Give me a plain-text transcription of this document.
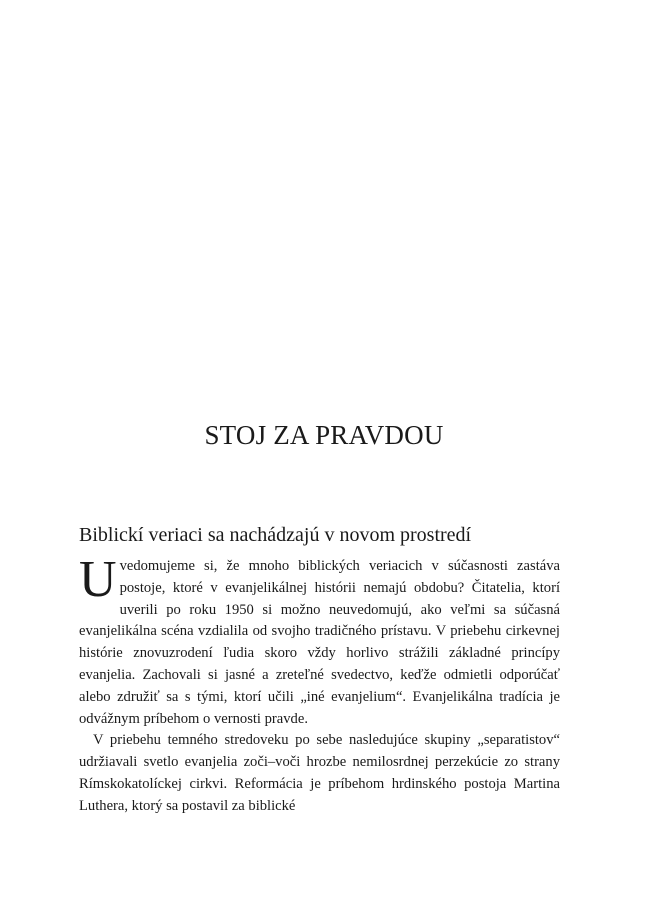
STOJ ZA PRAVDOU
Biblickí veriaci sa nachádzajú v novom prostredí

Uvedomujeme si, že mnoho biblických veriacich v súčasnosti zastáva postoje, ktoré v evanjelikálnej histórii nemajú obdobu? Čitatelia, ktorí uverili po roku 1950 si možno neuvedomujú, ako veľmi sa súčasná evanjelikálna scéna vzdialila od svojho tradičného prístavu. V priebehu cirkevnej histórie znovuzrodení ľudia skoro vždy horlivo strážili základné princípy evanjelia. Zachovali si jasné a zreteľné svedectvo, keďže odmietli odporúčať alebo združiť sa s tými, ktorí učili „iné evanjelium“. Evanjelikálna tradícia je odvážnym príbehom o vernosti pravde.

V priebehu temného stredoveku po sebe nasledujúce skupiny „separatistov“ udržiavali svetlo evanjelia zoči–voči hrozbe nemilosrdnej perzekúcie zo strany Rímskokatolíckej cirkvi. Reformácia je príbehom hrdinského postoja Martina Luthera, ktorý sa postavil za biblické
